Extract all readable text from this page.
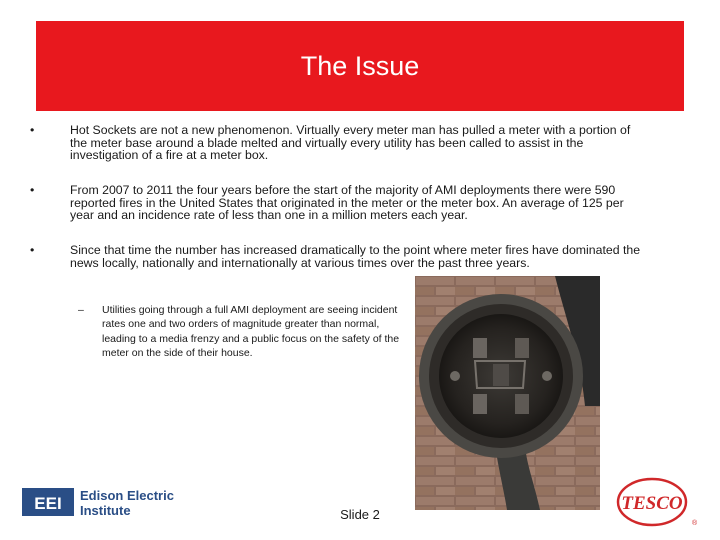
The Issue
•	Hot Sockets are not a new phenomenon. Virtually every meter man has pulled a meter with a portion of the meter base around a blade melted and virtually every utility has been called to assist in the investigation of a fire at a meter box.
•	From 2007 to 2011 the four years before the start of the majority of AMI deployments there were 590 reported fires in the United States that originated in the meter or the meter box. An average of 125 per year and an incidence rate of less than one in a million meters each year.
•	Since that time the number has increased dramatically to the point where meter fires have dominated the news locally, nationally and internationally at various times over the past three years.
– Utilities going through a full AMI deployment are seeing incident rates one and two orders of magnitude greater than normal, leading to a media frenzy and a public focus on the safety of the meter on the side of their house.
Slide 2
EEI Edison Electric
Institute	TESCO
®
